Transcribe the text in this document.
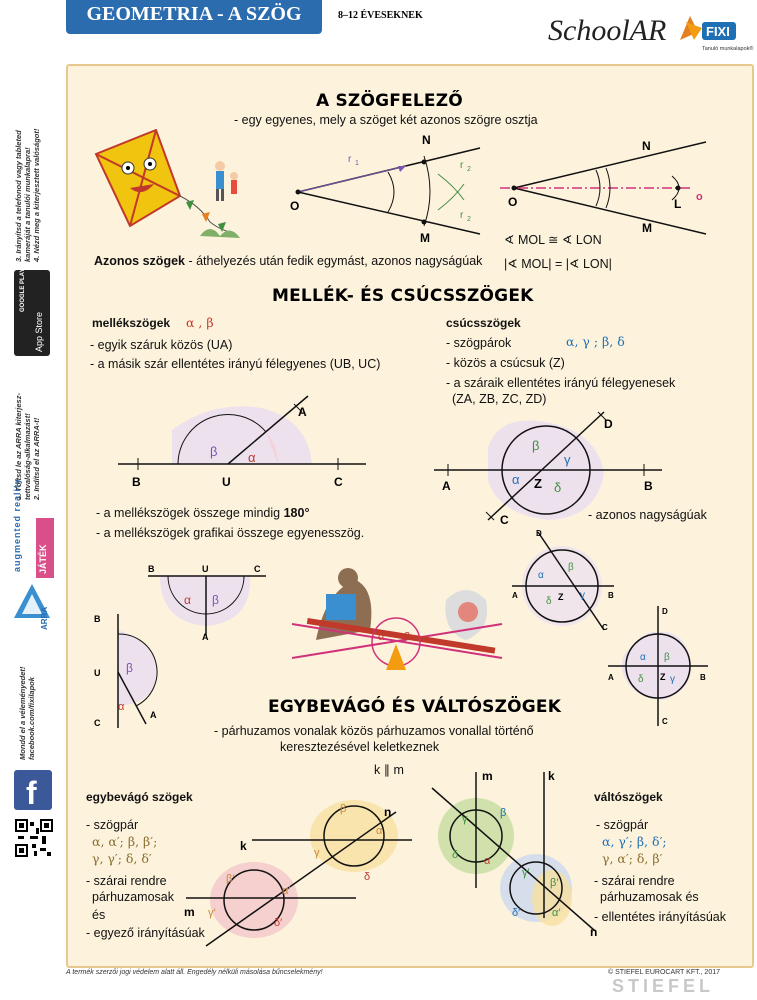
GEOMETRIA - A SZÖG	8–12 ÉVESEKNEK	SchoolAR	FIXI
Tanuló munkalapok®
3. Irányítsd a telefonod vagy tableted kameráját a tanulói munkalapra! 4. Nézd meg a kiterjesztett valóságot!
GOOGLE PLAY
App Store
1. Töltsd le az ARRA kiterjesz- tettvalóság-alkalmazást! 2. Indítsd el az ARRA-t!
augmented reality JÁTÉK
ARRA
Mondd el a véleményedet! facebook.com/fixilapok
f
A SZÖGFELEZŐ
- egy egyenes, mely a szöget két azonos szögre osztja
O
N
M
r 1	r 2
r 2
O
N
M
L o
∢ MOL ≅ ∢ LON
Azonos szögek - áthelyezés után fedik egymást, azonos nagyságúak |∢ MOL| = |∢ LON|
MELLÉK- ÉS CSÚCSSZÖGEK
mellékszögek α , β
- egyik száruk közös (UA)
- a másik szár ellentétes irányú félegyenes (UB, UC)
csúcsszögek
α, γ ; β, δ
- szögpárok
- közös a csúcsuk (Z)
- a száraik ellentétes irányú félegyenesek
(ZA, ZB, ZC, ZD)
β α
B	U	C
A
β
γ
α
δ
Z
A	B
D
C
- a mellékszögek összege mindig 180°
- a mellékszögek grafikai összege egyenesszög.
- azonos nagyságúak
α β
B	U	C
A
β
α
B
U
C
A
α β
α
β
γ
δ Z
D
A	B
C
α β
γ
δ Z
D
A	B
C
EGYBEVÁGÓ ÉS VÁLTÓSZÖGEK
- párhuzamos vonalak közös párhuzamos vonallal történő
keresztezésével keletkeznek
k ∥ m
egybevágó szögek
- szögpár
α, α′; β, β′;
γ, γ′; δ, δ′
- szárai rendre
párhuzamosak
és
- egyező irányításúak
β
α
γ
δ
β′
α′
γ′
δ′
k
n
m
γ	β
δ α
γ′
β′
δ′	α′
m	k
n
váltószögek
- szögpár
α, γ′; β, δ′;
γ, α′; δ, β′
- szárai rendre
párhuzamosak és
- ellentétes irányításúak
A termék szerzői jogi védelem alatt áll. Engedély nélküli másolása bűncselekmény!	© STIEFEL EUROCART KFT., 2017
STIEFEL
